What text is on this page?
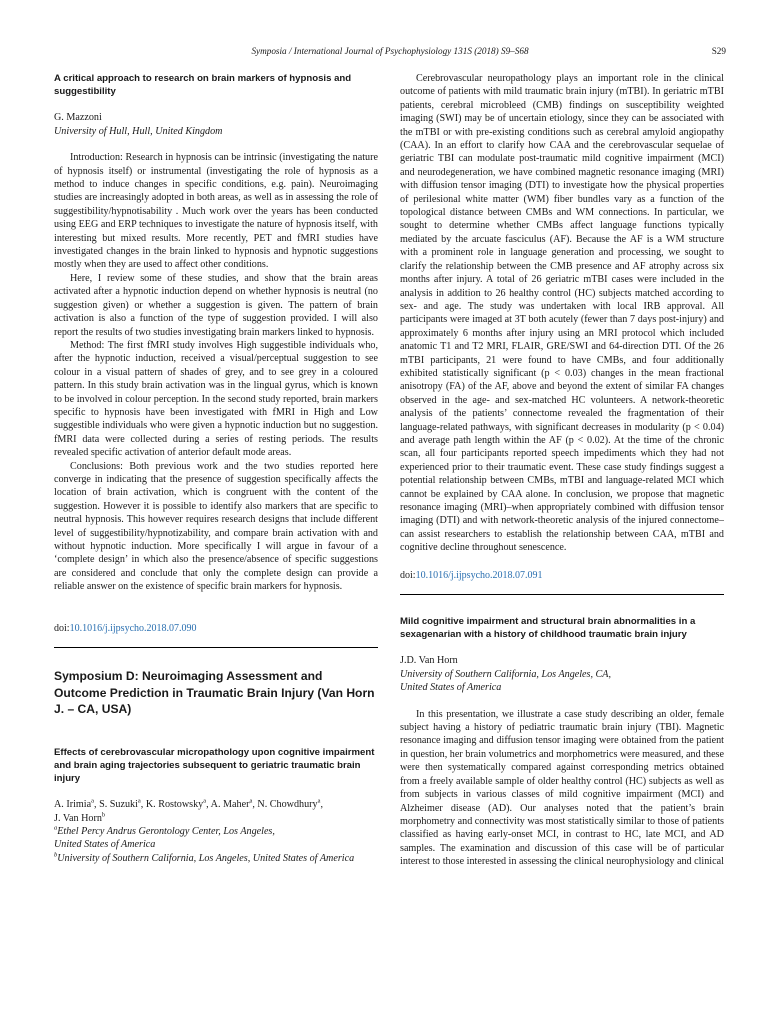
Symposia / International Journal of Psychophysiology 131S (2018) S9–S68	S29
A critical approach to research on brain markers of hypnosis and suggestibility

G. Mazzoni

University of Hull, Hull, United Kingdom

Introduction: Research in hypnosis can be intrinsic (investigating the nature of hypnosis itself) or instrumental (investigating the role of hypnosis as a method to induce changes in specific conditions, e.g. pain). Neuroimaging studies are increasingly adopted in both areas, as well as in assessing the role of suggestibility/hypnotisability . Much work over the years has been conducted using EEG and ERP techniques to investigate the nature of hypnosis itself, with interesting but mixed results. More recently, PET and fMRI studies have investigated changes in the brain linked to hypnosis and hypnotic suggestions mostly when they are used to affect other conditions.

Here, I review some of these studies, and show that the brain areas activated after a hypnotic induction depend on whether hypnosis is neutral (no suggestion given) or whether a suggestion is given. The pattern of brain activation is also a function of the type of suggestion provided. I will also report the results of two studies investigating brain markers linked to hypnosis.

Method: The first fMRI study involves High suggestible individuals who, after the hypnotic induction, received a visual/perceptual suggestion to see colour in a visual pattern of shades of grey, and to see grey in a coloured pattern. In this study brain activation was in the lingual gyrus, which is known to be involved in colour perception. In the second study reported, brain markers specific to hypnosis have been investigated with fMRI in High and Low suggestible individuals who were given a hypnotic induction but no suggestion. fMRI data were collected during a series of resting periods. The results revealed specific activation of anterior default mode areas.

Conclusions: Both previous work and the two studies reported here converge in indicating that the presence of suggestion specifically affects the location of brain activation, which is congruent with the content of the suggestion. However it is possible to identify also markers that are specific to neutral hypnosis. This however requires research designs that include different level of suggestibility/hypnotizability, and compare brain activation with and without hypnotic induction. More specifically I will argue in favour of a ‘complete design’ in which also the presence/absence of specific suggestions are considered and conclude that only the complete design can provide a reliable answer on the existence of specific brain markers for hypnosis.

doi:10.1016/j.ijpsycho.2018.07.090

Symposium D: Neuroimaging Assessment and Outcome Prediction in Traumatic Brain Injury (Van Horn J. – CA, USA)
Effects of cerebrovascular micropathology upon cognitive impairment and brain aging trajectories subsequent to geriatric traumatic brain injury

A. Irimia$^a$, S. Suzuki$^a$, K. Rostowsky$^a$, A. Maher$^a$, N. Chowdhury$^a$,
J. Van Horn$^b$

$^a$Ethel Percy Andrus Gerontology Center, Los Angeles,
United States of America

$^b$University of Southern California, Los Angeles, United States of America

Cerebrovascular neuropathology plays an important role in the clinical outcome of patients with mild traumatic brain injury (mTBI). In geriatric mTBI patients, cerebral microbleed (CMB) findings on susceptibility weighted imaging (SWI) may be of uncertain etiology, since they can be associated with the mTBI or with pre-existing conditions such as cerebral amyloid angiopathy (CAA). In an effort to clarify how CAA and the cerebrovascular sequelae of geriatric TBI can modulate post-traumatic mild cognitive impairment (MCI) and neurodegeneration, we have combined magnetic resonance imaging (MRI) with diffusion tensor imaging (DTI) to investigate how the physical properties of perilesional white matter (WM) fiber bundles vary as a function of the topological distance between CMBs and WM connections. In particular, we sought to determine whether CMBs affect language functions typically mediated by the arcuate fasciculus (AF). Because the AF is a WM structure with a prominent role in language generation and processing, we sought to clarify the relationship between the CMB presence and AF atrophy across six months after injury. A total of 26 geriatric mTBI cases were included in the analysis in addition to 26 healthy control (HC) subjects matched according to sex- and age. The study was undertaken with local IRB approval. All participants were imaged at 3T both acutely (fewer than 7 days post-injury) and approximately 6 months after injury using an MRI protocol which included anatomic T1 and T2 MRI, FLAIR, GRE/SWI and 64-direction DTI. Of the 26 mTBI participants, 21 were found to have CMBs, and four additionally exhibited statistically significant (p < 0.03) changes in the mean fractional anisotropy (FA) of the AF, above and beyond the extent of similar FA changes observed in the age- and sex-matched HC volunteers. A network-theoretic analysis of the patients’ connectome revealed the fragmentation of their language-related pathways, with significant decreases in modularity (p < 0.04) and average path length within the AF (p < 0.02). At the time of the chronic scan, all four participants reported speech impediments which they had not experienced prior to their traumatic event. These case study findings suggest a potential relationship between CMBs, mTBI and language-related MCI which cannot be explained by CAA alone. In conclusion, we propose that magnetic resonance imaging (MRI)–when appropriately combined with diffusion tensor imaging (DTI) and with network-theoretic analysis of the injured connectome–can assist researchers to establish the relationship between CAA, mTBI and cognitive decline throughout senescence.

doi:10.1016/j.ijpsycho.2018.07.091

Mild cognitive impairment and structural brain abnormalities in a sexagenarian with a history of childhood traumatic brain injury

J.D. Van Horn

University of Southern California, Los Angeles, CA,
United States of America

In this presentation, we illustrate a case study describing an older, female subject having a history of pediatric traumatic brain injury (TBI). Magnetic resonance imaging and diffusion tensor imaging were obtained from the patient in question, her brain volumetrics and morphometrics were measured, and these were then systematically compared against corresponding metrics obtained from a freely available sample of older healthy control (HC) subjects as well as from subjects in various classes of mild cognitive impairment (MCI) and Alzheimer disease (AD). Our analyses noted that the patient’s brain morphometry and connectivity was most statistically similar to those of patients classified as having early-onset MCI, in contrast to HC, late MCI, and AD samples. The examination and discussion of this case will be of particular interest to those interested in assessing the clinical neurophysiology and clinical
